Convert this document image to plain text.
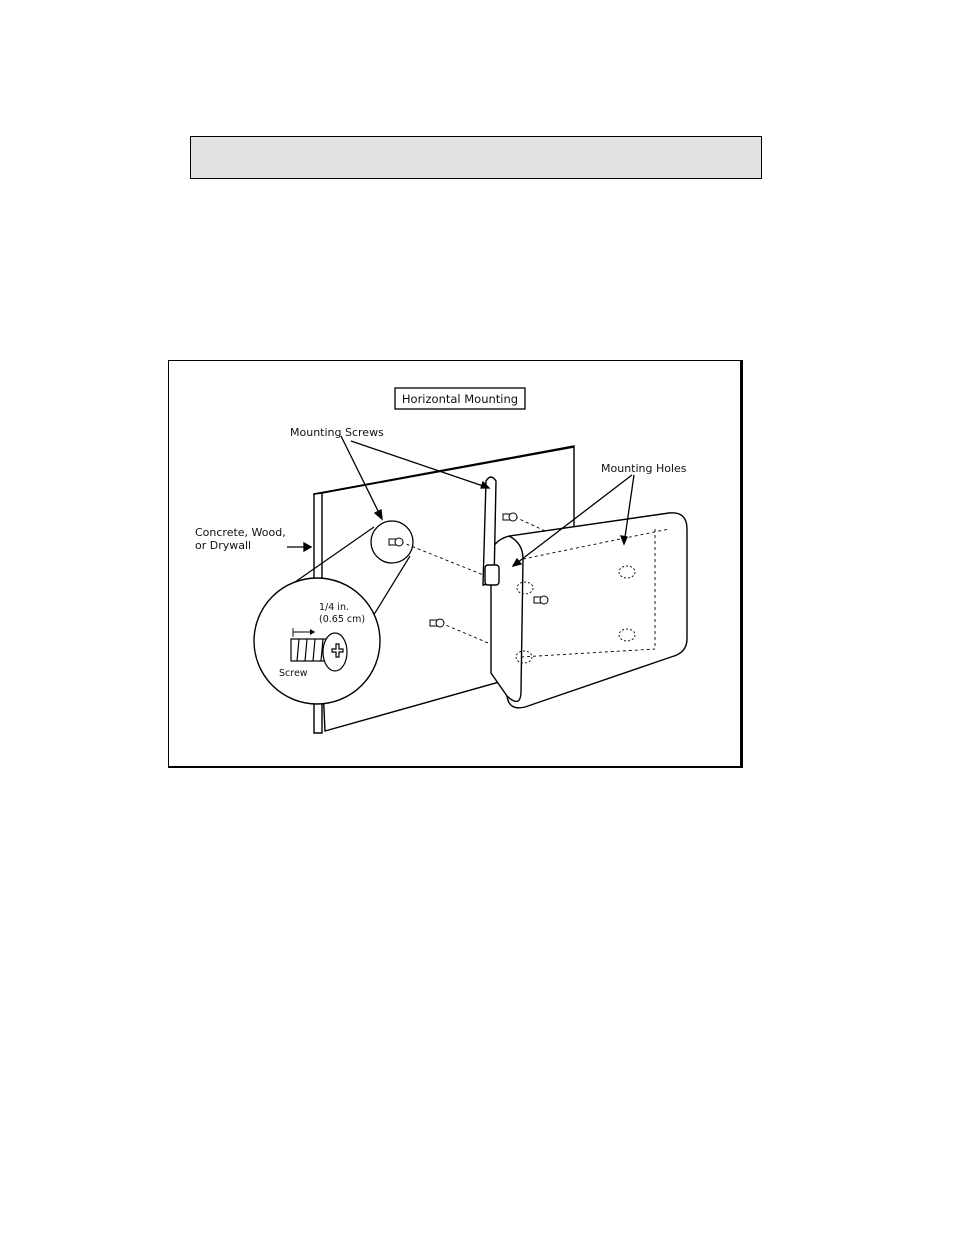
Horizontal Mounting
Mounting Screws
Mounting Holes
Concrete, Wood,
or Drywall
1/4 in.
(0.65 cm)
Screw
